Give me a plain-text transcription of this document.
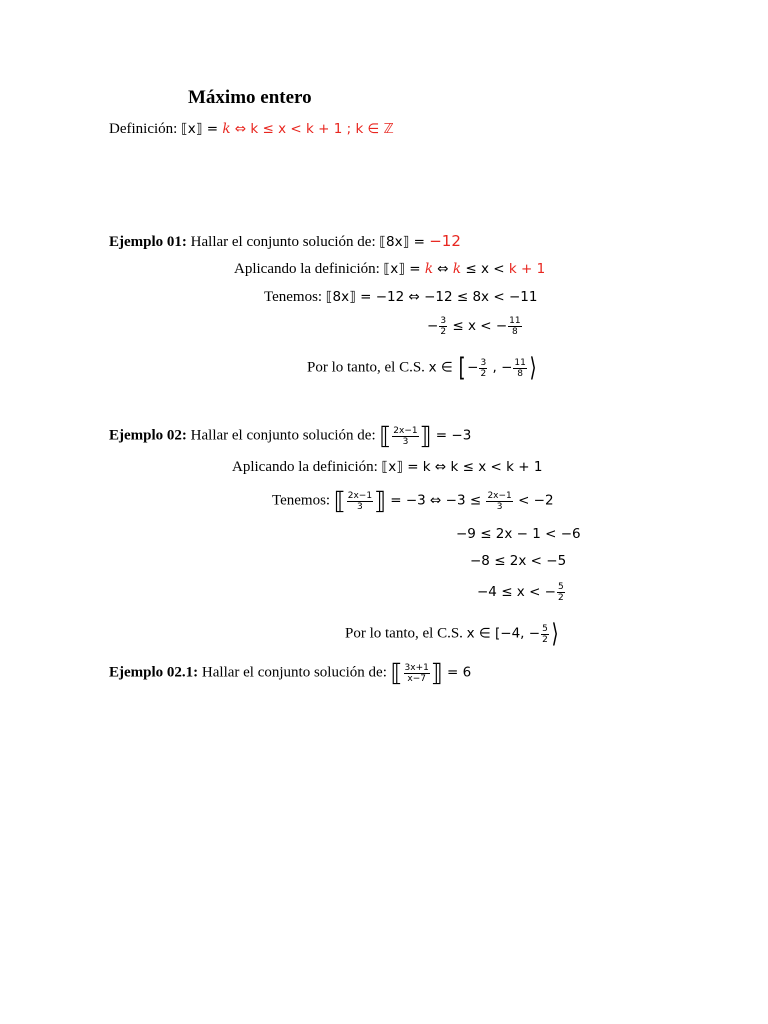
Máximo entero
Definición: ⟦x⟧ = k ⇔ k ≤ x < k + 1 ; k ∈ ℤ
Ejemplo 01: Hallar el conjunto solución de: ⟦8x⟧ = −12
Aplicando la definición: ⟦x⟧ = k ⇔ k ≤ x < k + 1
Tenemos: ⟦8x⟧ = −12 ⇔ −12 ≤ 8x < −11
− $\frac{3}{2} \le x$ < − $\frac{11}{8}$
Por lo tanto, el C.S. x ∈ [ − $\frac{3}{2}$ , − $\frac{11}{8}$ ⟩
Ejemplo 02: Hallar el conjunto solución de: ⟦ $\frac{2x-1}{3}$ ⟧ = −3
Aplicando la definición: ⟦x⟧ = k ⇔ k ≤ x < k + 1
Tenemos: ⟦ $\frac{2x-1}{3}$ ⟧ = −3 ⇔ $-3 \le \frac{2x-1}{3} < -2$
−9 ≤ 2x − 1 < −6
−8 ≤ 2x < −5
−4 ≤ x < − $\frac{5}{2}$
Por lo tanto, el C.S. x ∈ [−4, − $\frac{5}{2}$ ⟩
Ejemplo 02.1: Hallar el conjunto solución de: ⟦ $\frac{3x+1}{x-7}$ ⟧ = 6
